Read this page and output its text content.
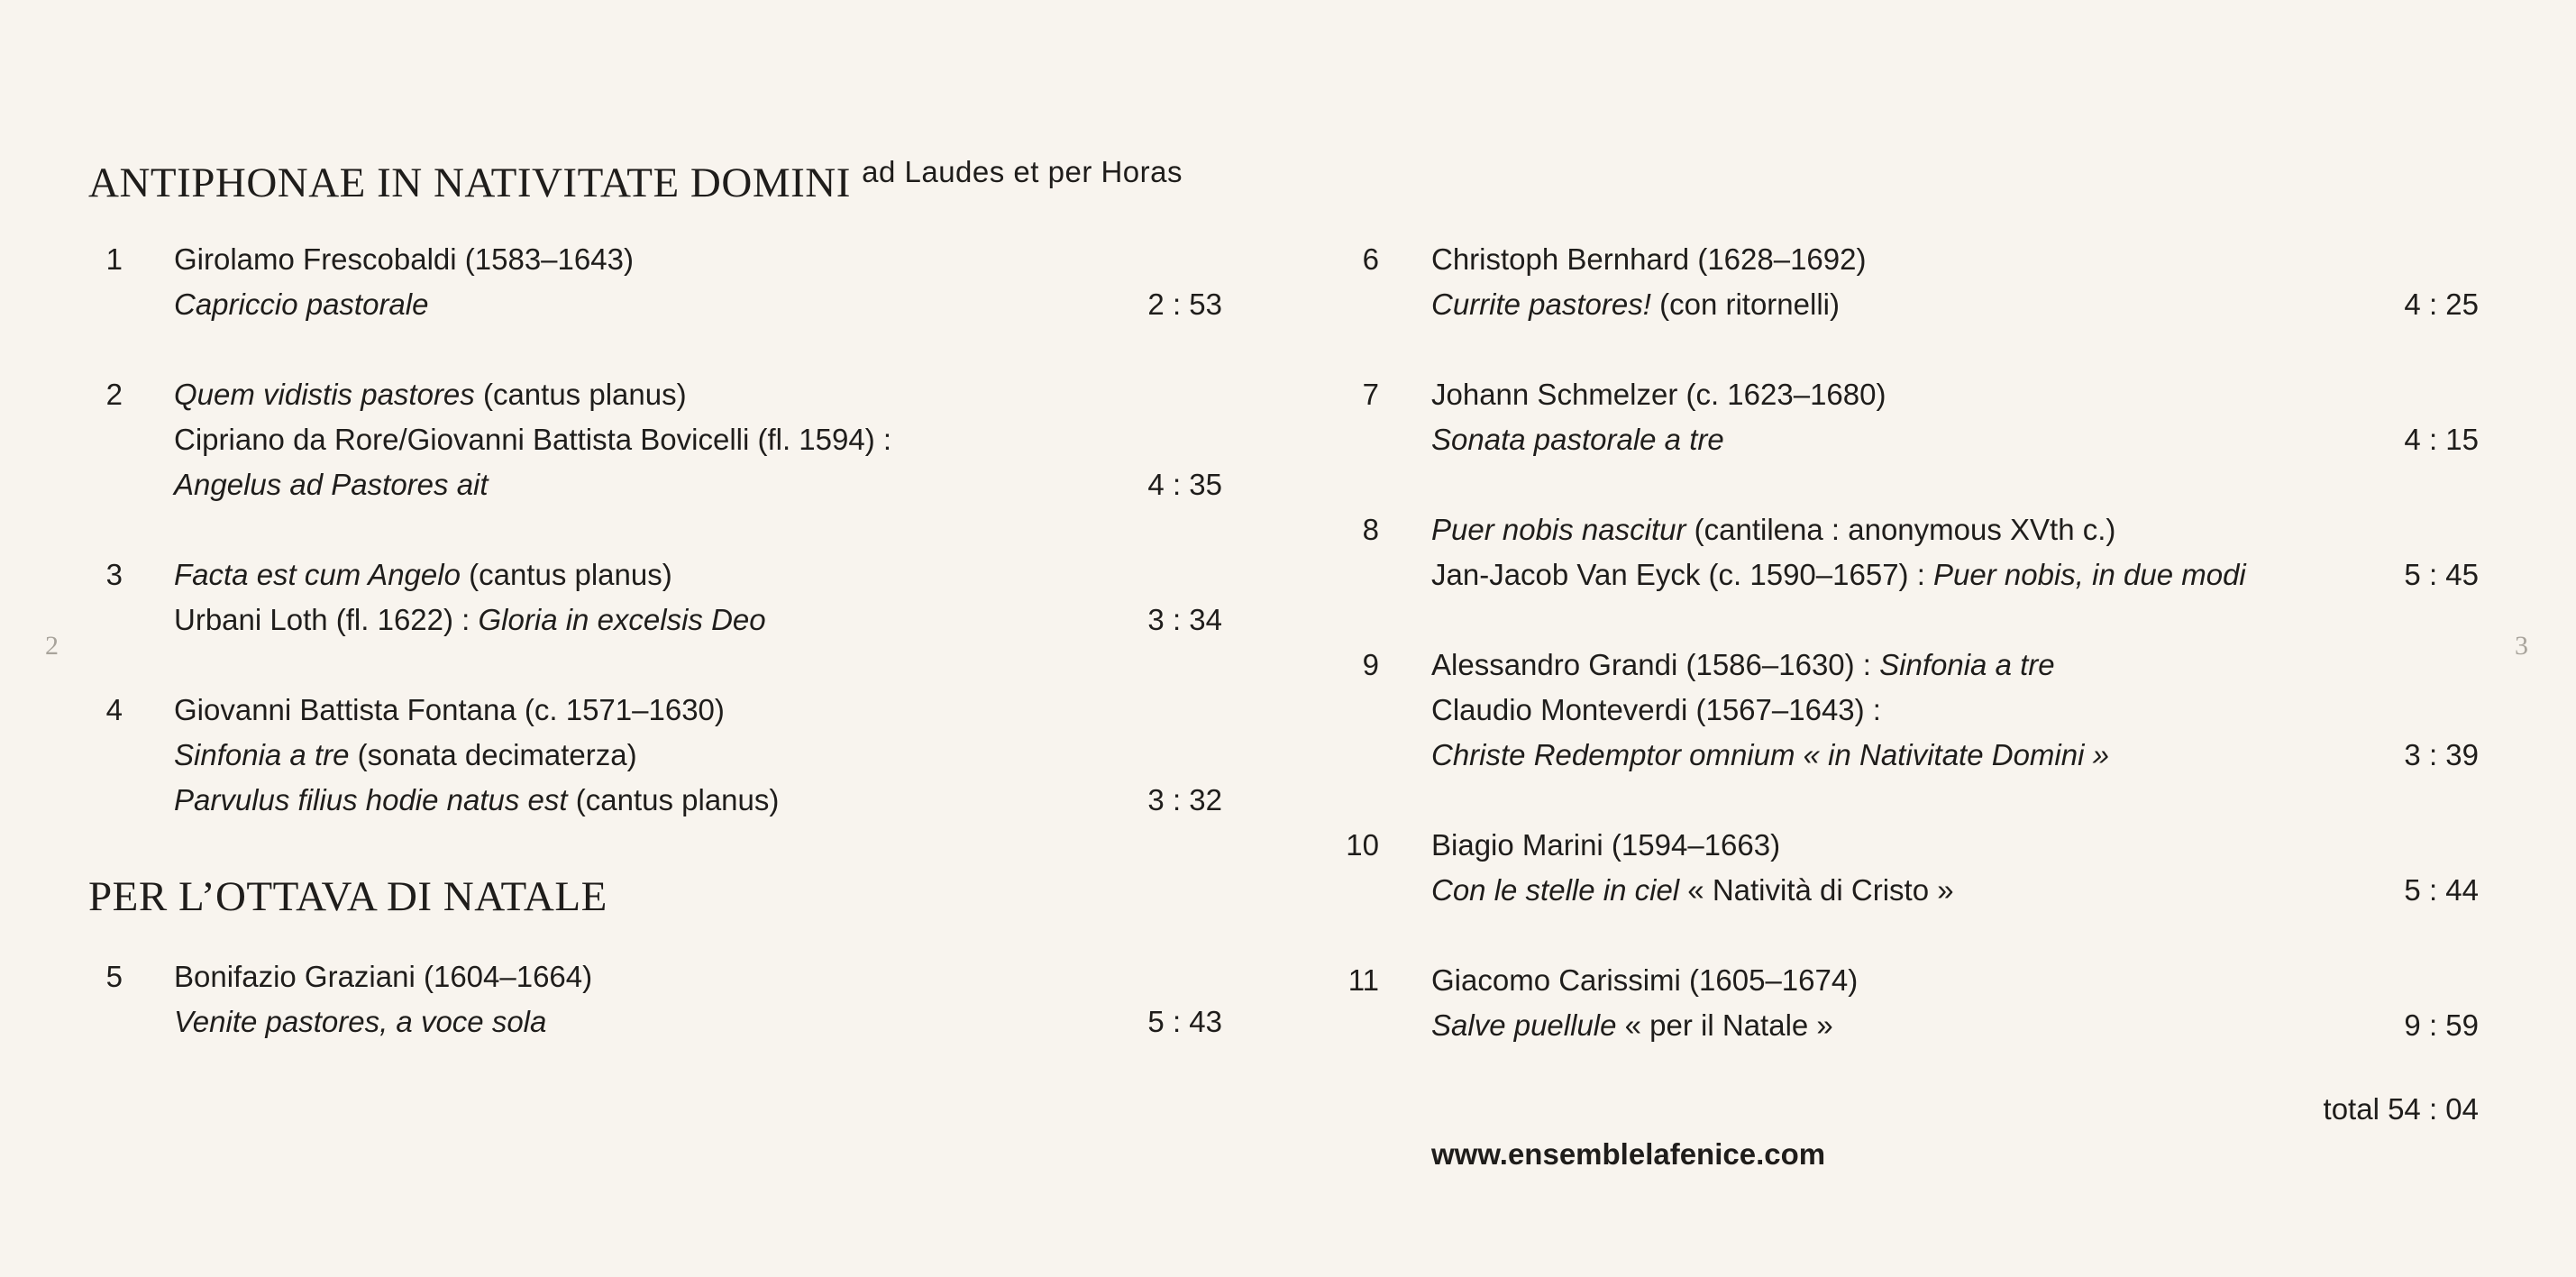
2	3
ANTIPHONAE IN NATIVITATE DOMINI $^{ad Laudes et per Horas}$
1 Girolamo Frescobaldi (1583–1643)
Capriccio pastorale	2 : 53
2 Quem vidistis pastores (cantus planus)
Cipriano da Rore/Giovanni Battista Bovicelli (fl. 1594) :
Angelus ad Pastores ait	4 : 35
3 Facta est cum Angelo (cantus planus)
Urbani Loth (fl. 1622) : Gloria in excelsis Deo	3 : 34
4 Giovanni Battista Fontana (c. 1571–1630)
Sinfonia a tre (sonata decimaterza)
Parvulus filius hodie natus est (cantus planus)	3 : 32
PER L’OTTAVA DI NATALE
5 Bonifazio Graziani (1604–1664)
Venite pastores, a voce sola	5 : 43
6 Christoph Bernhard (1628–1692)
Currite pastores! (con ritornelli)	4 : 25
7 Johann Schmelzer (c. 1623–1680)
Sonata pastorale a tre	4 : 15
8 Puer nobis nascitur (cantilena : anonymous XVth c.)
Jan-Jacob Van Eyck (c. 1590–1657) : Puer nobis, in due modi	5 : 45
9 Alessandro Grandi (1586–1630) : Sinfonia a tre
Claudio Monteverdi (1567–1643) :
Christe Redemptor omnium « in Nativitate Domini »	3 : 39
10 Biagio Marini (1594–1663)
Con le stelle in ciel « Natività di Cristo »	5 : 44
11 Giacomo Carissimi (1605–1674)
Salve puellule « per il Natale »	9 : 59
total 54 : 04
www.ensemblelafenice.com
